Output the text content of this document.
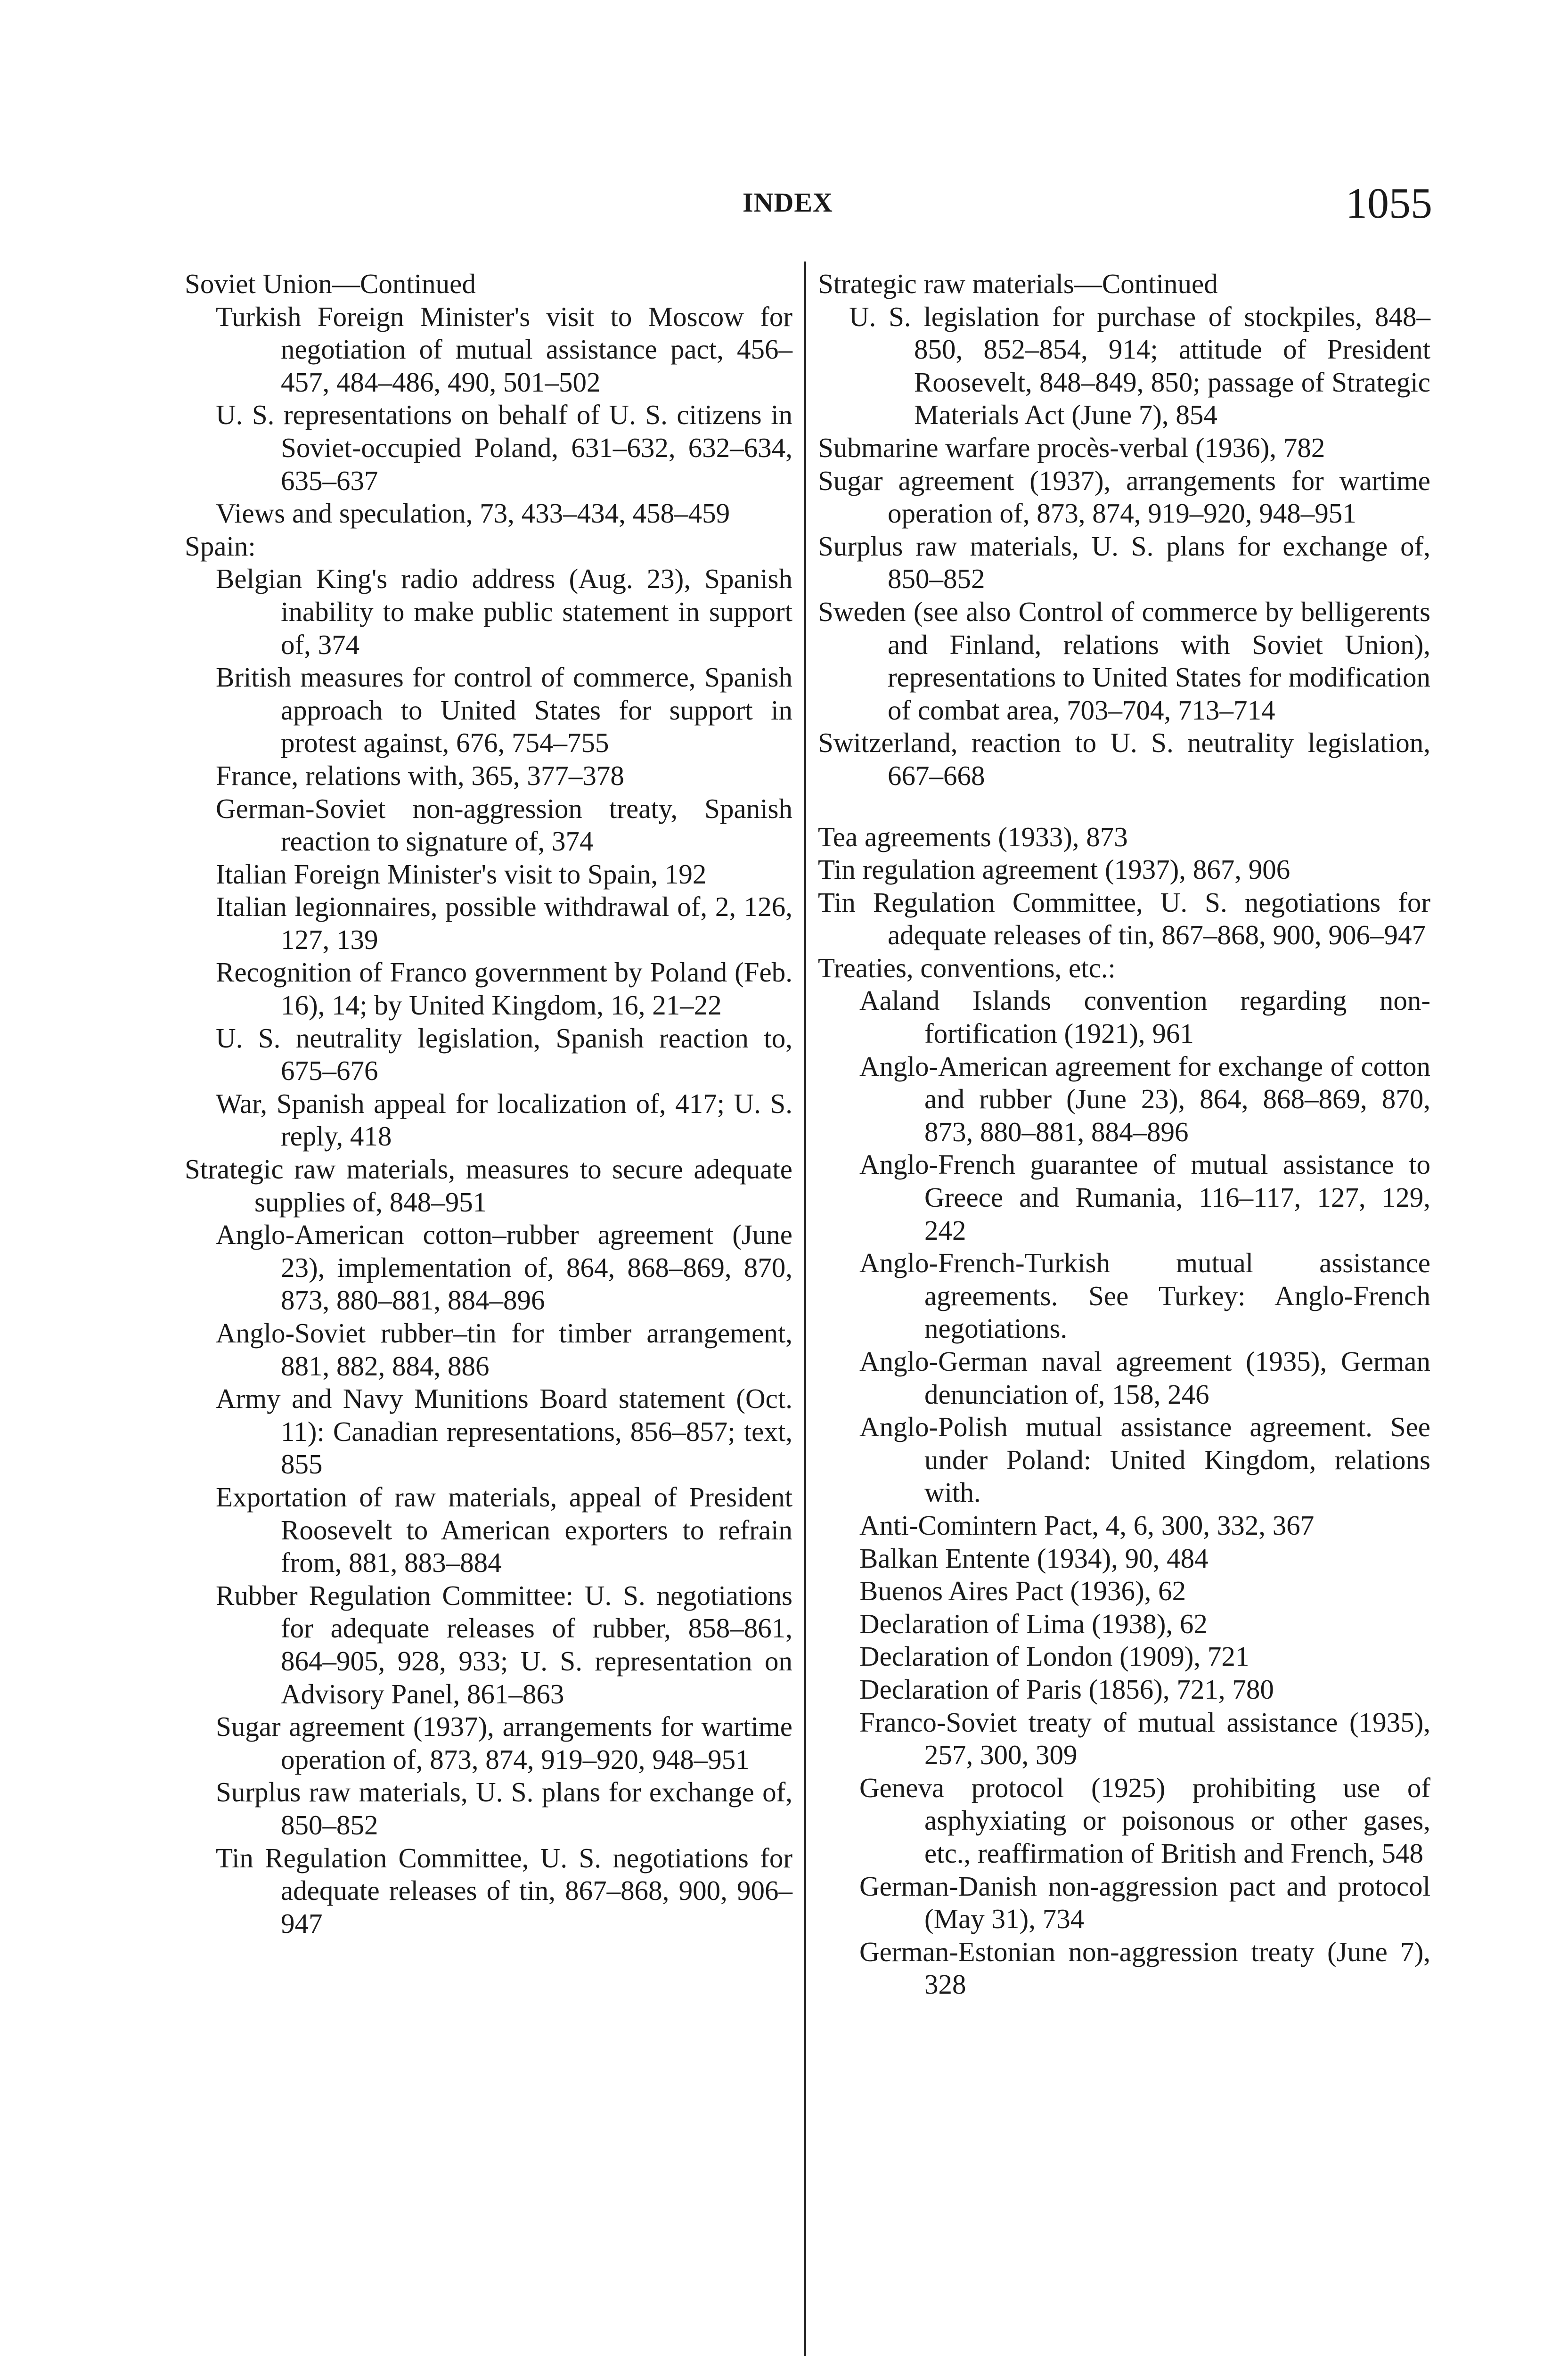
INDEX	1055

Soviet Union—Continued

Turkish Foreign Minister's visit to Moscow for negotiation of mutual assistance pact, 456–457, 484–486, 490, 501–502

U. S. representations on behalf of U. S. citizens in Soviet-occupied Poland, 631–632, 632–634, 635–637

Views and speculation, 73, 433–434, 458–459

Spain:

Belgian King's radio address (Aug. 23), Spanish inability to make public statement in support of, 374

British measures for control of commerce, Spanish approach to United States for support in protest against, 676, 754–755

France, relations with, 365, 377–378

German-Soviet non-aggression treaty, Spanish reaction to signature of, 374

Italian Foreign Minister's visit to Spain, 192

Italian legionnaires, possible withdrawal of, 2, 126, 127, 139

Recognition of Franco government by Poland (Feb. 16), 14; by United Kingdom, 16, 21–22

U. S. neutrality legislation, Spanish reaction to, 675–676

War, Spanish appeal for localization of, 417; U. S. reply, 418

Strategic raw materials, measures to secure adequate supplies of, 848–951

Anglo-American cotton–rubber agreement (June 23), implementation of, 864, 868–869, 870, 873, 880–881, 884–896

Anglo-Soviet rubber–tin for timber arrangement, 881, 882, 884, 886

Army and Navy Munitions Board statement (Oct. 11): Canadian representations, 856–857; text, 855

Exportation of raw materials, appeal of President Roosevelt to American exporters to refrain from, 881, 883–884

Rubber Regulation Committee: U. S. negotiations for adequate releases of rubber, 858–861, 864–905, 928, 933; U. S. representation on Advisory Panel, 861–863

Sugar agreement (1937), arrangements for wartime operation of, 873, 874, 919–920, 948–951

Surplus raw materials, U. S. plans for exchange of, 850–852

Tin Regulation Committee, U. S. negotiations for adequate releases of tin, 867–868, 900, 906–947

Strategic raw materials—Continued

U. S. legislation for purchase of stockpiles, 848–850, 852–854, 914; attitude of President Roosevelt, 848–849, 850; passage of Strategic Materials Act (June 7), 854

Submarine warfare procès-verbal (1936), 782

Sugar agreement (1937), arrangements for wartime operation of, 873, 874, 919–920, 948–951

Surplus raw materials, U. S. plans for exchange of, 850–852

Sweden (see also Control of commerce by belligerents and Finland, relations with Soviet Union), representations to United States for modification of combat area, 703–704, 713–714

Switzerland, reaction to U. S. neutrality legislation, 667–668

Tea agreements (1933), 873

Tin regulation agreement (1937), 867, 906

Tin Regulation Committee, U. S. negotiations for adequate releases of tin, 867–868, 900, 906–947

Treaties, conventions, etc.:

Aaland Islands convention regarding non-fortification (1921), 961

Anglo-American agreement for exchange of cotton and rubber (June 23), 864, 868–869, 870, 873, 880–881, 884–896

Anglo-French guarantee of mutual assistance to Greece and Rumania, 116–117, 127, 129, 242

Anglo-French-Turkish mutual assistance agreements. See Turkey: Anglo-French negotiations.

Anglo-German naval agreement (1935), German denunciation of, 158, 246

Anglo-Polish mutual assistance agreement. See under Poland: United Kingdom, relations with.

Anti-Comintern Pact, 4, 6, 300, 332, 367

Balkan Entente (1934), 90, 484

Buenos Aires Pact (1936), 62

Declaration of Lima (1938), 62

Declaration of London (1909), 721

Declaration of Paris (1856), 721, 780

Franco-Soviet treaty of mutual assistance (1935), 257, 300, 309

Geneva protocol (1925) prohibiting use of asphyxiating or poisonous or other gases, etc., reaffirmation of British and French, 548

German-Danish non-aggression pact and protocol (May 31), 734

German-Estonian non-aggression treaty (June 7), 328
